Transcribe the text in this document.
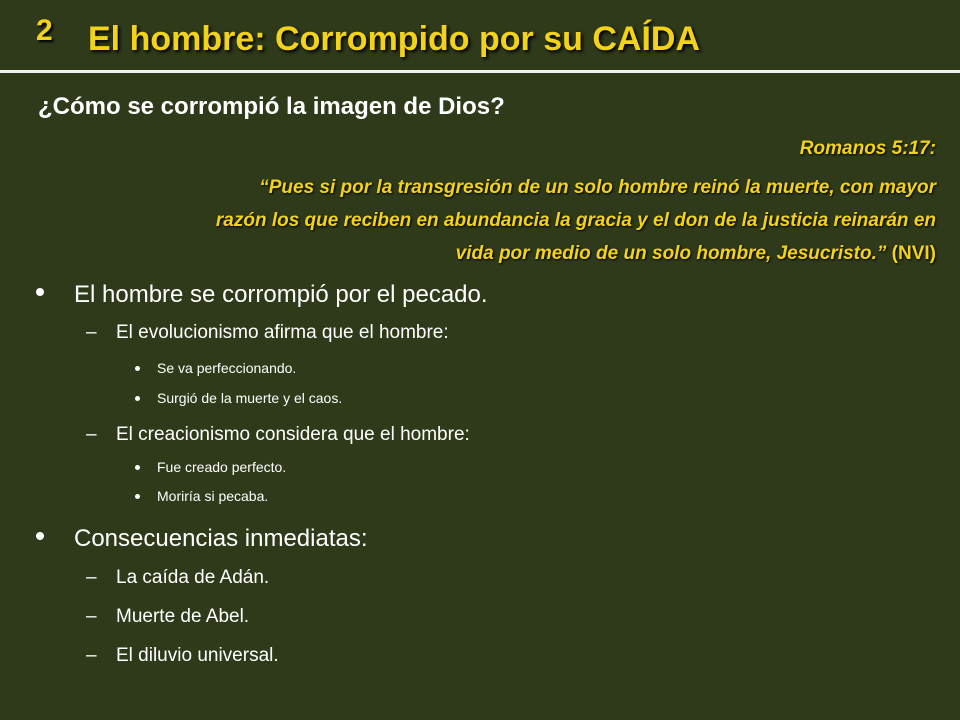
2 El hombre: Corrompido por su CAÍDA
¿Cómo se corrompió la imagen de Dios?
Romanos 5:17:
“Pues si por la transgresión de un solo hombre reinó la muerte, con mayor
razón los que reciben en abundancia la gracia y el don de la justicia reinarán en
vida por medio de un solo hombre, Jesucristo.” (NVI)
El hombre se corrompió por el pecado.
– El evolucionismo afirma que el hombre:
Se va perfeccionando.
Surgió de la muerte y el caos.
– El creacionismo considera que el hombre:
Fue creado perfecto.
Moriría si pecaba.
Consecuencias inmediatas:
– La caída de Adán.
– Muerte de Abel.
– El diluvio universal.
